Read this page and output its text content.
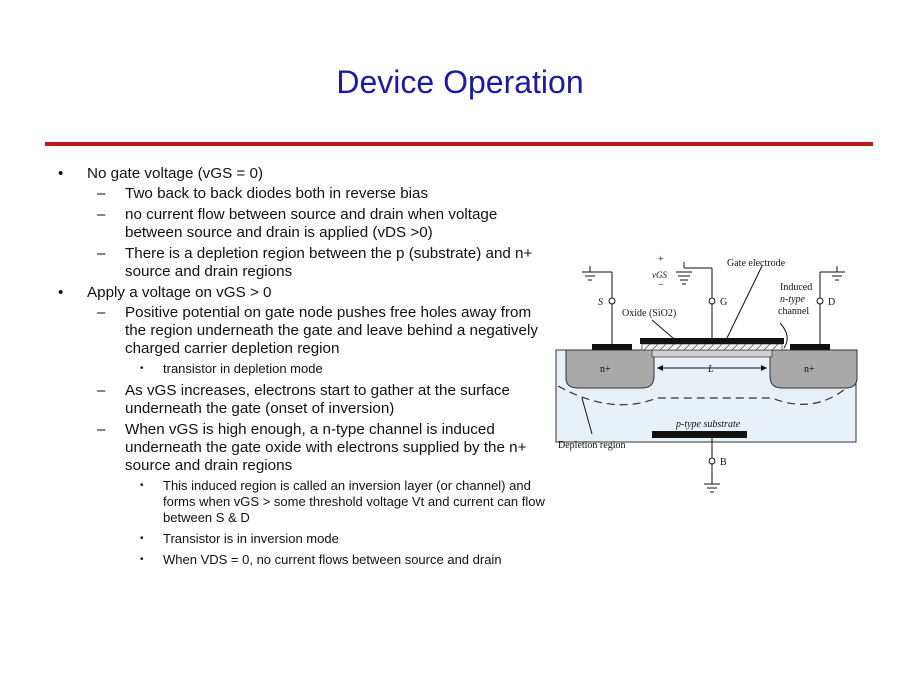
Device Operation
• No gate voltage (vGS = 0)
– Two back to back diodes both in reverse bias
– no current flow between source and drain when voltage between source and drain is applied (vDS >0)
– There is a depletion region between the p (substrate) and n+ source and drain regions
• Apply a voltage on vGS > 0
– Positive potential on gate node pushes free holes away from the region underneath the gate and leave behind a negatively charged carrier depletion region
• transistor in depletion mode
– As vGS increases, electrons start to gather at the surface underneath the gate (onset of inversion)
– When vGS is high enough, a n-type channel is induced underneath the gate oxide with electrons supplied by the n+ source and drain regions
• This induced region is called an inversion layer (or channel) and forms when vGS > some threshold voltage Vt and current can flow between S & D
• Transistor is in inversion mode
• When VDS = 0, no current flows between source and drain
Gate electrode
Induced
n-type
channel
Oxide (SiO2)
S	G	D
B
vGS
+
−
n+	n+
L
p-type substrate
Depletion region
